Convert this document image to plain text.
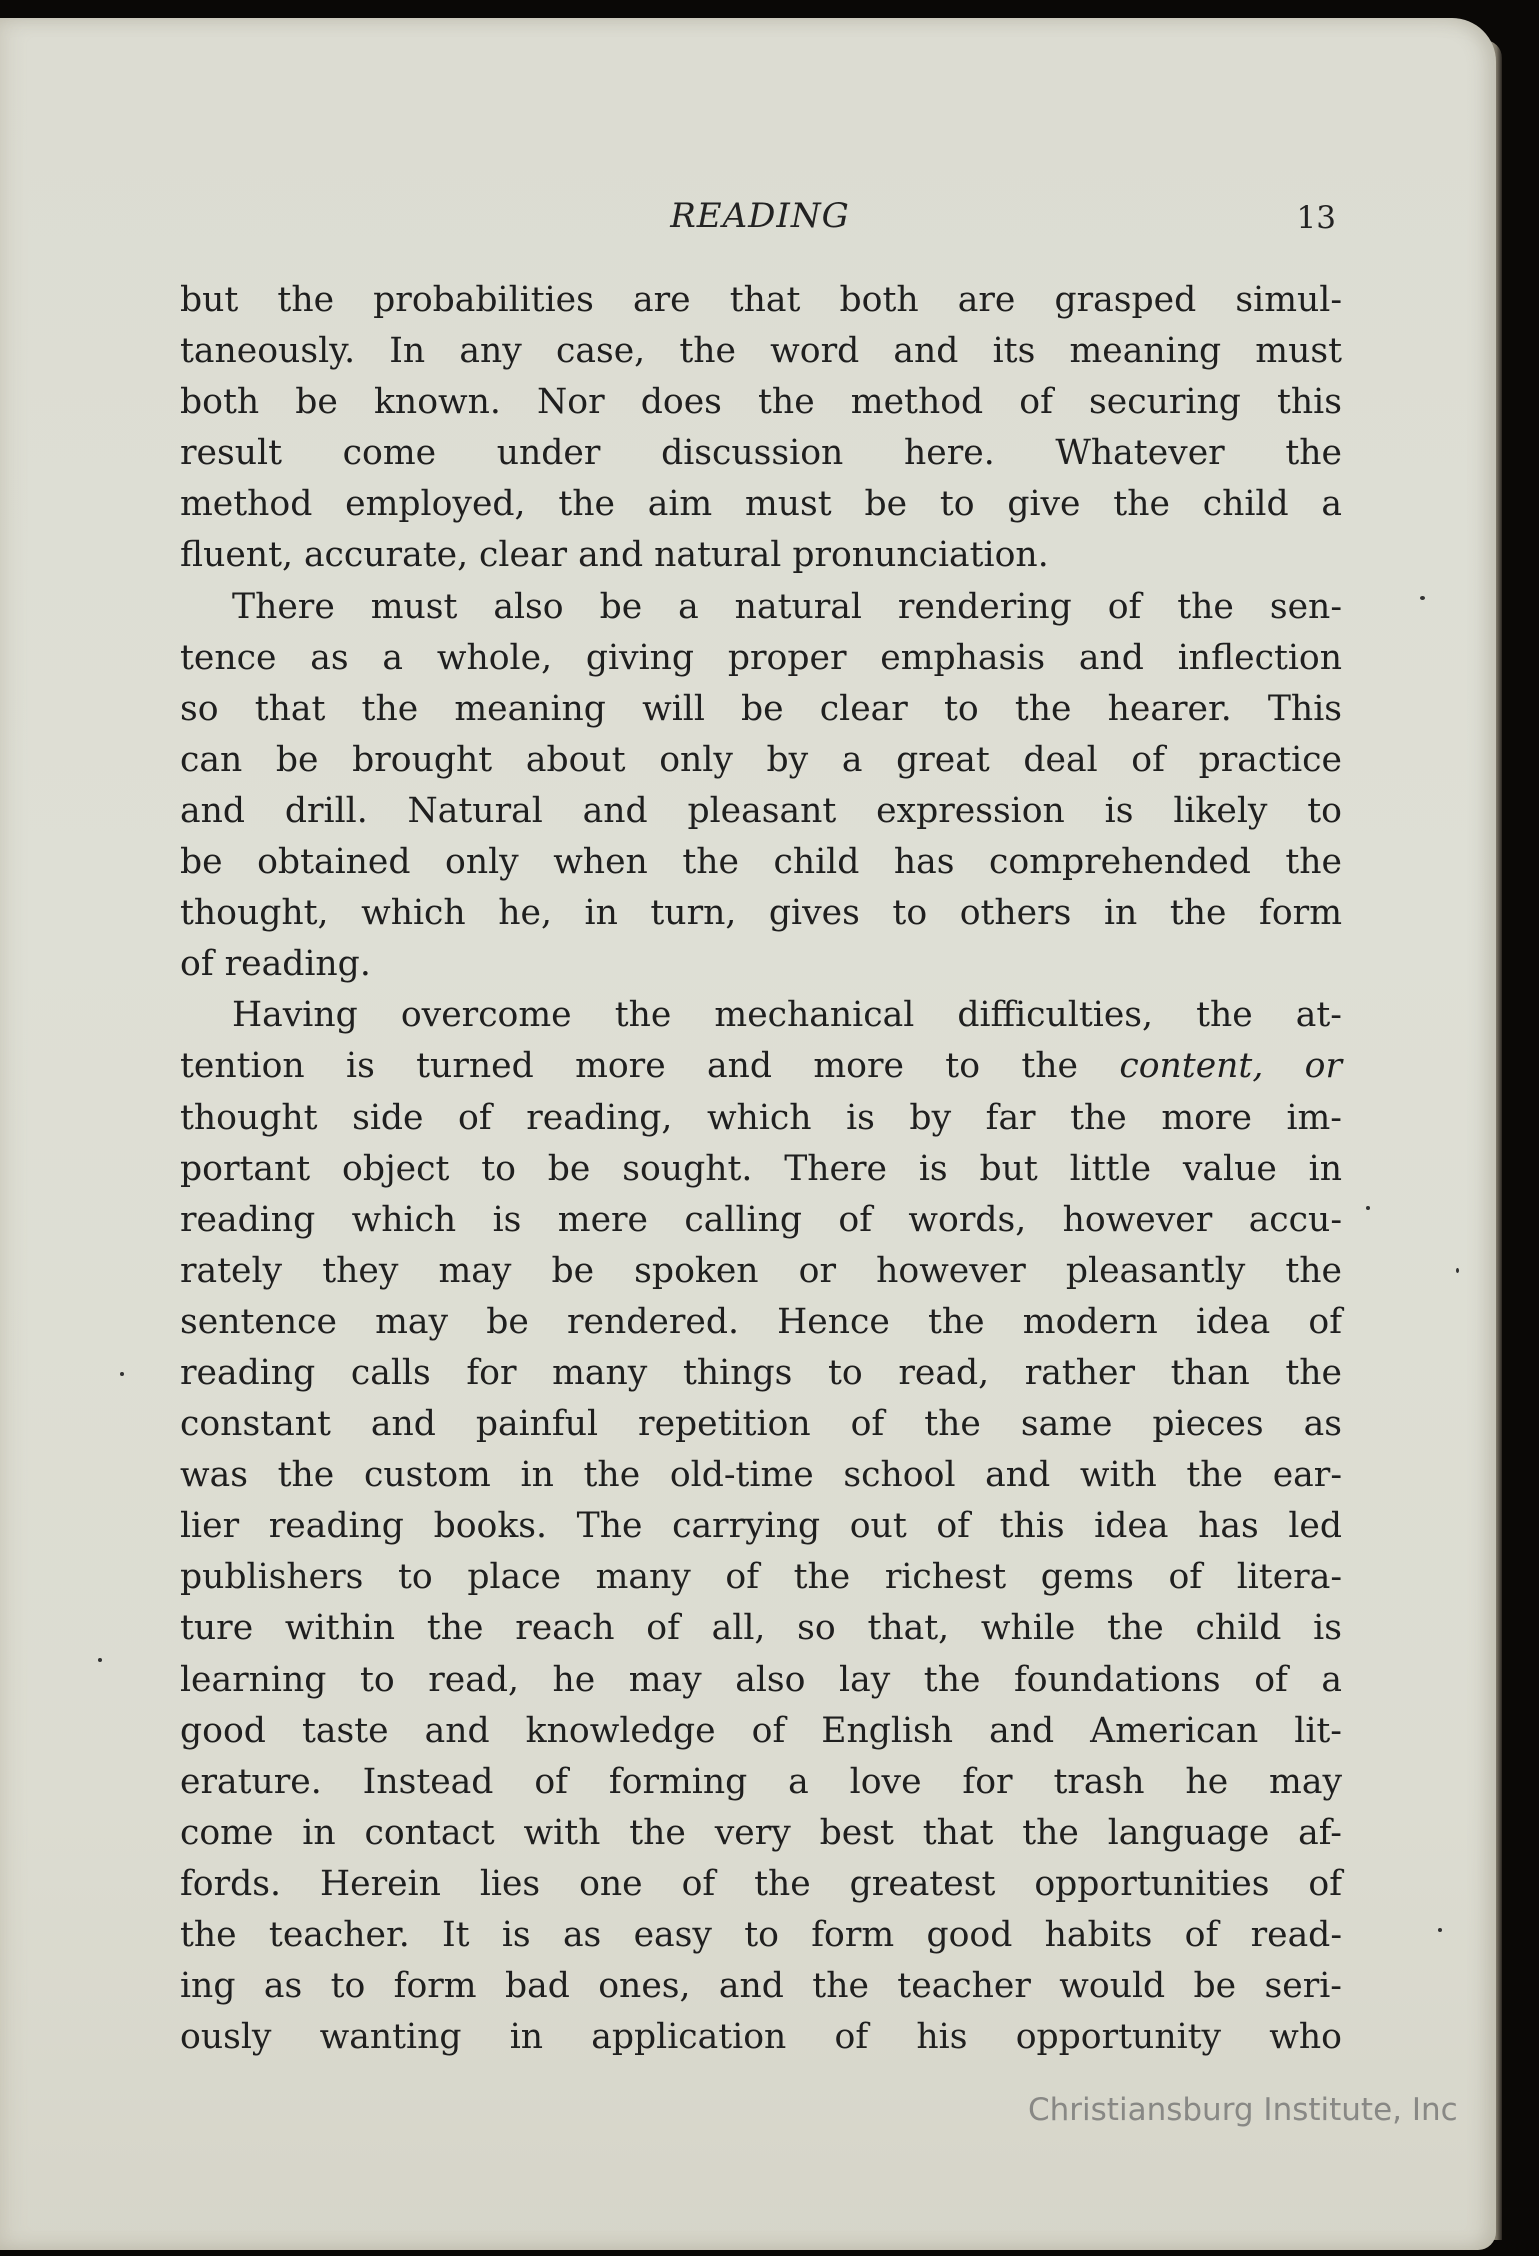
READING	13

but the probabilities are that both are grasped simul-
taneously. In any case, the word and its meaning must
both be known. Nor does the method of securing this
result come under discussion here. Whatever the
method employed, the aim must be to give the child a
fluent, accurate, clear and natural pronunciation.

There must also be a natural rendering of the sen-
tence as a whole, giving proper emphasis and inflection
so that the meaning will be clear to the hearer. This
can be brought about only by a great deal of practice
and drill. Natural and pleasant expression is likely to
be obtained only when the child has comprehended the
thought, which he, in turn, gives to others in the form
of reading.

Having overcome the mechanical difficulties, the at-
tention is turned more and more to the content, or
thought side of reading, which is by far the more im-
portant object to be sought. There is but little value in
reading which is mere calling of words, however accu-
rately they may be spoken or however pleasantly the
sentence may be rendered. Hence the modern idea of
reading calls for many things to read, rather than the
constant and painful repetition of the same pieces as
was the custom in the old-time school and with the ear-
lier reading books. The carrying out of this idea has led
publishers to place many of the richest gems of litera-
ture within the reach of all, so that, while the child is
learning to read, he may also lay the foundations of a
good taste and knowledge of English and American lit-
erature. Instead of forming a love for trash he may
come in contact with the very best that the language af-
fords. Herein lies one of the greatest opportunities of
the teacher. It is as easy to form good habits of read-
ing as to form bad ones, and the teacher would be seri-
ously wanting in application of his opportunity who

Christiansburg Institute, Inc
